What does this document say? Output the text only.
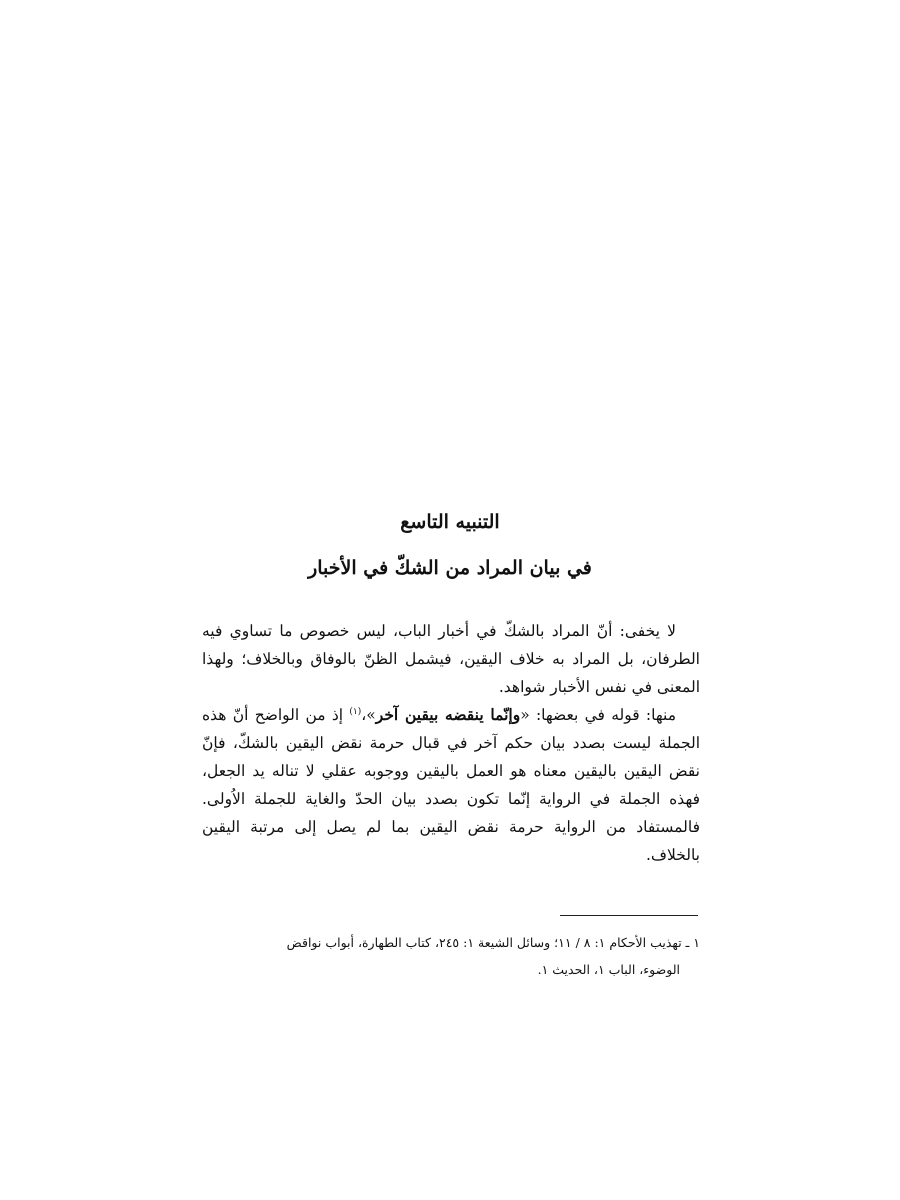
التنبيه التاسع
في بيان المراد من الشكّ في الأخبار

لا يخفى: أنّ المراد بالشكّ في أخبار الباب، ليس خصوص ما تساوي فيه الطرفان، بل المراد به خلاف اليقين، فيشمل الظنّ بالوفاق وبالخلاف؛ ولهذا المعنى في نفس الأخبار شواهد.

منها: قوله في بعضها: «وإنّما ينقضه بيقين آخر»،$^{(١)}$ إذ من الواضح أنّ هذه الجملة ليست بصدد بيان حكم آخر في قبال حرمة نقض اليقين بالشكّ، فإنّ نقض اليقين باليقين معناه هو العمل باليقين ووجوبه عقلي لا تناله يد الجعل، فهذه الجملة في الرواية إنّما تكون بصدد بيان الحدّ والغاية للجملة الاُولى. فالمستفاد من الرواية حرمة نقض اليقين بما لم يصل إلى مرتبة اليقين بالخلاف.

١ ـ تهذيب الأحكام ١: ٨ / ١١؛ وسائل الشيعة ١: ٢٤٥، كتاب الطهارة، أبواب نواقض
الوضوء، الباب ١، الحديث ١.
